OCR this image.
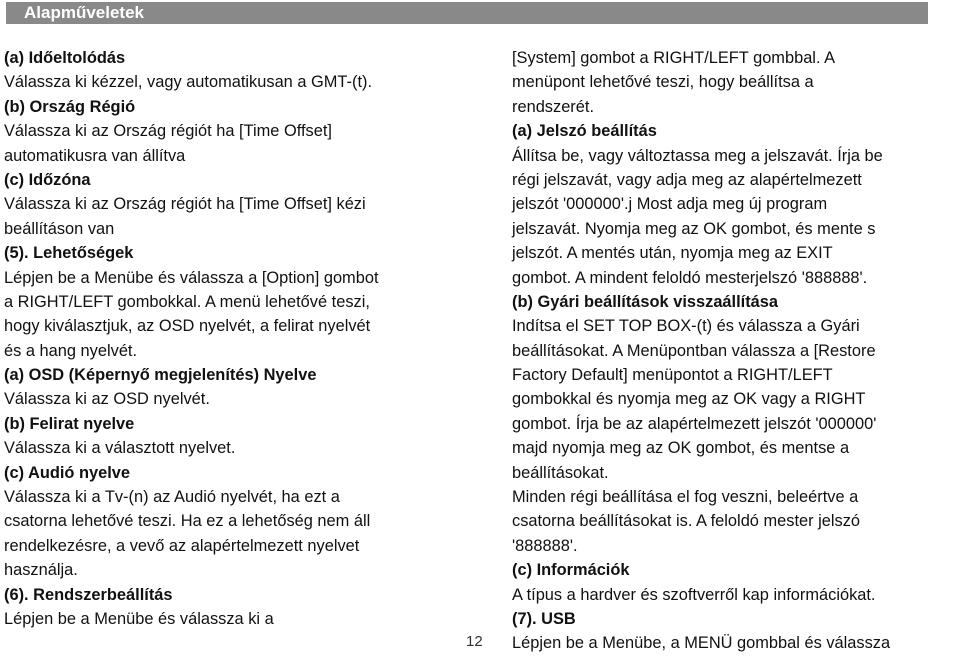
Alapműveletek
(a) Időeltolódás
Válassza ki kézzel, vagy automatikusan a GMT-(t).
(b) Ország Régió
Válassza ki az Ország régiót ha [Time Offset]
automatikusra van állítva
(c) Időzóna
Válassza ki az Ország régiót ha [Time Offset] kézi
beállításon van
(5). Lehetőségek
Lépjen be a Menübe és válassza a [Option] gombot
a RIGHT/LEFT gombokkal. A menü lehetővé teszi,
hogy kiválasztjuk, az OSD nyelvét, a felirat nyelvét
és a hang nyelvét.
(a) OSD (Képernyő megjelenítés) Nyelve
Válassza ki az OSD nyelvét.
(b) Felirat nyelve
Válassza ki a választott nyelvet.
(c) Audió nyelve
Válassza ki a Tv-(n) az Audió nyelvét, ha ezt a
csatorna lehetővé teszi. Ha ez a lehetőség nem áll
rendelkezésre, a vevő az alapértelmezett nyelvet
használja.
(6). Rendszerbeállítás
Lépjen be a Menübe és válassza ki a
[System] gombot a RIGHT/LEFT gombbal. A
menüpont lehetővé teszi, hogy beállítsa a
rendszerét.
(a) Jelszó beállítás
Állítsa be, vagy változtassa meg a jelszavát. Írja be
régi jelszavát, vagy adja meg az alapértelmezett
jelszót '000000'.j Most adja meg új program
jelszavát. Nyomja meg az OK gombot, és mente s
jelszót. A mentés után, nyomja meg az EXIT
gombot. A mindent feloldó mesterjelszó '888888'.
(b) Gyári beállítások visszaállítása
Indítsa el SET TOP BOX-(t) és válassza a Gyári
beállításokat. A Menüpontban válassza a [Restore
Factory Default] menüpontot a RIGHT/LEFT
gombokkal és nyomja meg az OK vagy a RIGHT
gombot. Írja be az alapértelmezett jelszót '000000'
majd nyomja meg az OK gombot, és mentse a
beállításokat.
Minden régi beállítása el fog veszni, beleértve a
csatorna beállításokat is. A feloldó mester jelszó
'888888'.
(c) Információk
A típus a hardver és szoftverről kap információkat.
(7). USB
Lépjen be a Menübe, a MENÜ gombbal és válassza
12
